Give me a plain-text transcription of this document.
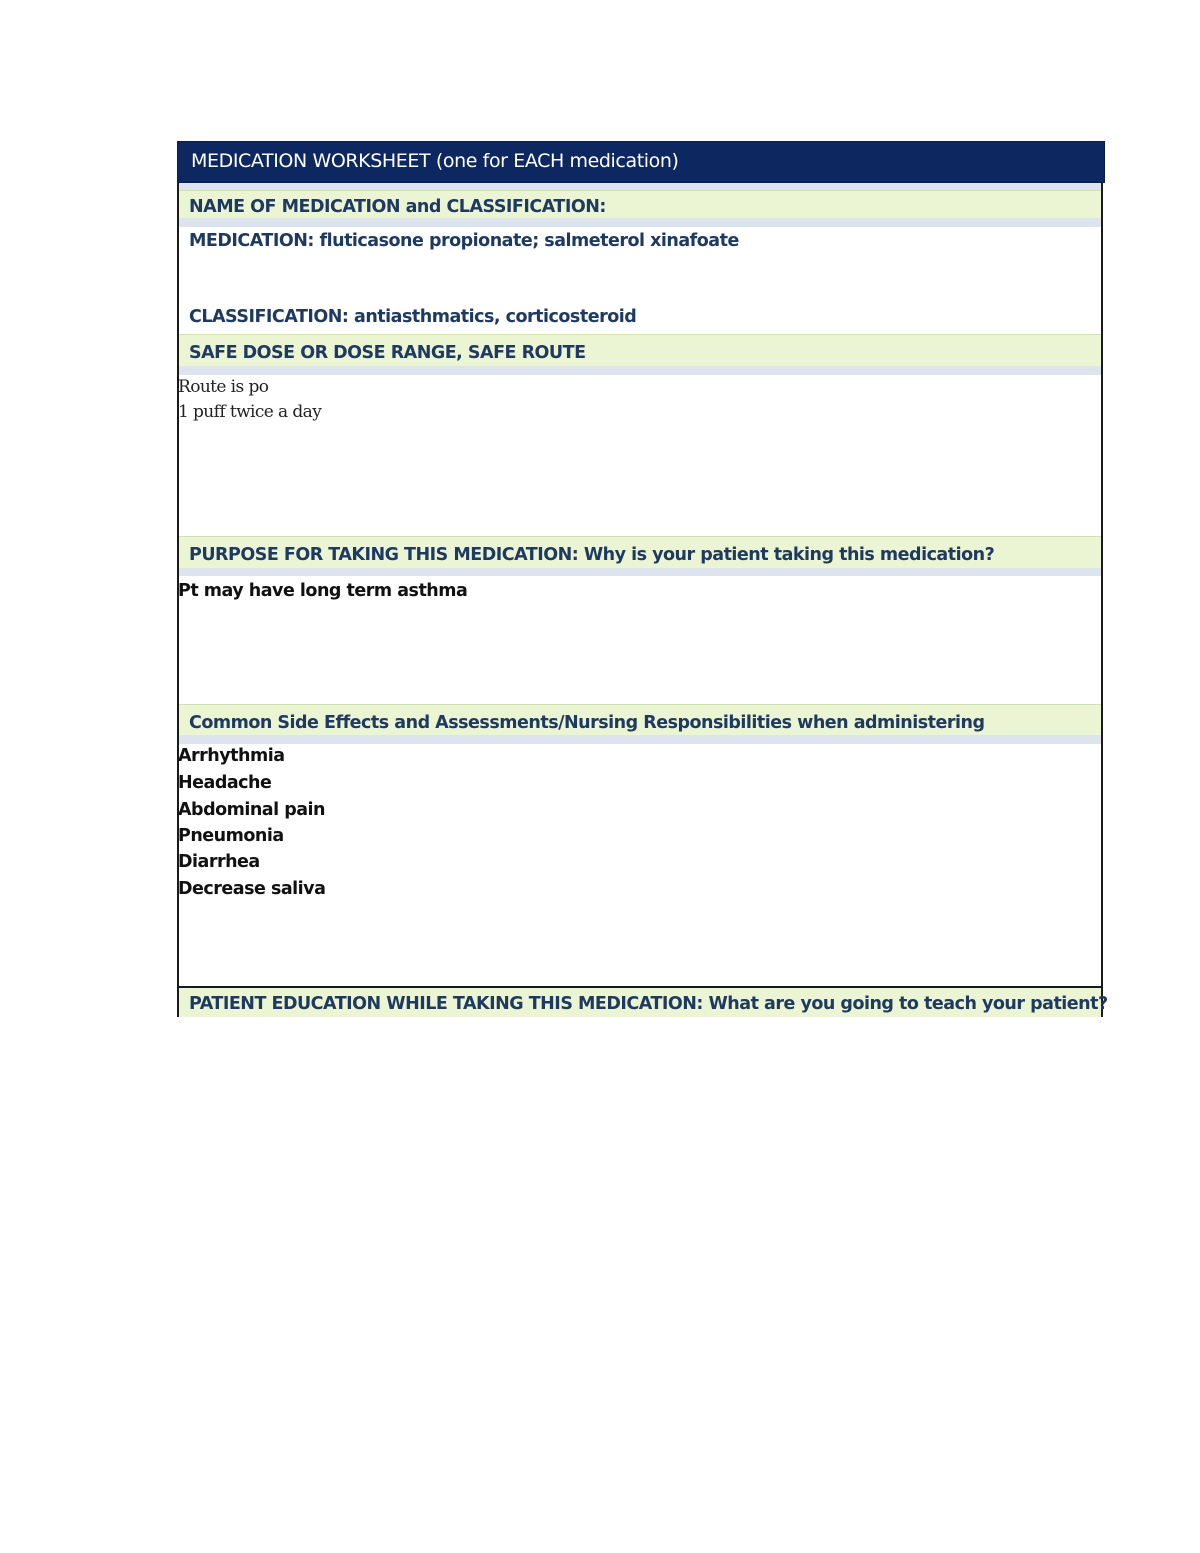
MEDICATION WORKSHEET (one for EACH medication)
NAME OF MEDICATION and CLASSIFICATION:
MEDICATION: fluticasone propionate; salmeterol xinafoate
CLASSIFICATION: antiasthmatics, corticosteroid
SAFE DOSE OR DOSE RANGE, SAFE ROUTE
Route is po
1 puff twice a day
PURPOSE FOR TAKING THIS MEDICATION: Why is your patient taking this medication?
Pt may have long term asthma
Common Side Effects and Assessments/Nursing Responsibilities when administering
Arrhythmia
Headache
Abdominal pain
Pneumonia
Diarrhea
Decrease saliva
PATIENT EDUCATION WHILE TAKING THIS MEDICATION: What are you going to teach your patient?
